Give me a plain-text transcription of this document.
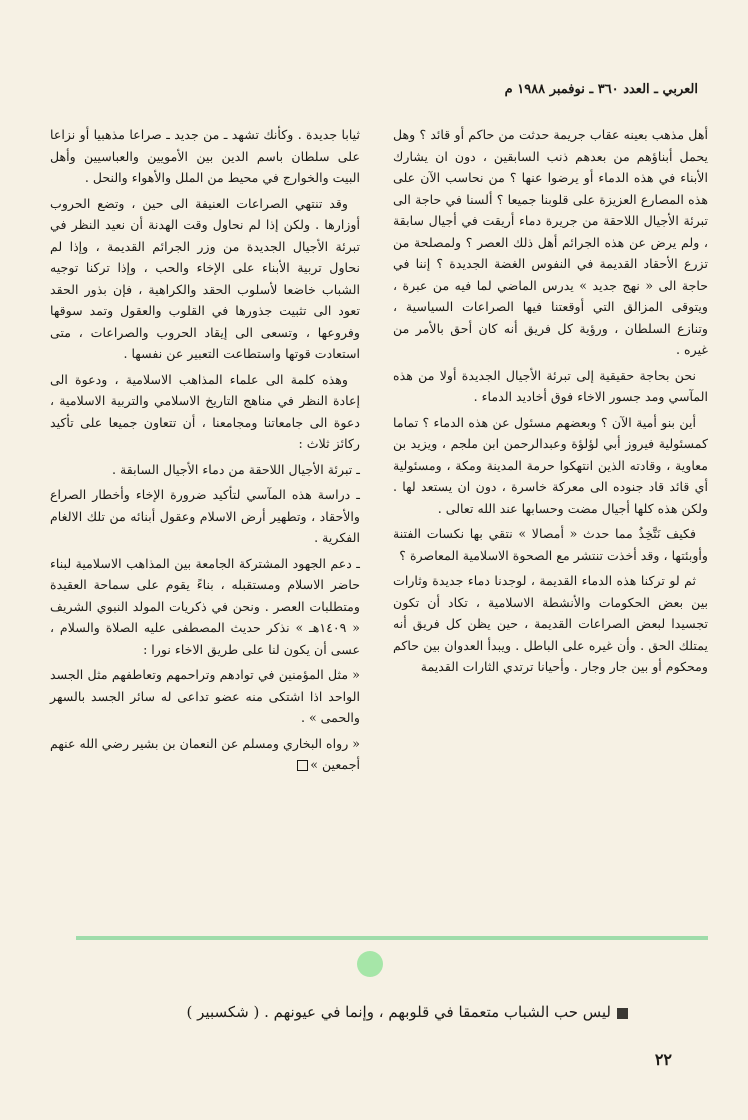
العربي ـ العدد ٣٦٠ ـ نوفمبر ١٩٨٨ م

أهل مذهب بعينه عقاب جريمة حدثت من حاكم أو قائد ؟ وهل يحمل أبناؤهم من بعدهم ذنب السابقين ، دون ان يشارك الأبناء في هذه الدماء أو يرضوا عنها ؟ من نحاسب الآن على هذه المصارع العزيزة على قلوبنا جميعا ؟ ألسنا في حاجة الى تبرئة الأجيال اللاحقة من جريرة دماء أريقت في أجيال سابقة ، ولم يرض عن هذه الجرائم أهل ذلك العصر ؟ ولمصلحة من تزرع الأحقاد القديمة في النفوس الغضة الجديدة ؟ إننا في حاجة الى « نهج جديد » يدرس الماضي لما فيه من عبرة ، ويتوقى المزالق التي أوقعتنا فيها الصراعات السياسية ، وتنازع السلطان ، ورؤية كل فريق أنه كان أحق بالأمر من غيره .

نحن بحاجة حقيقية إلى تبرئة الأجيال الجديدة أولا من هذه المآسي ومد جسور الاخاء فوق أخاديد الدماء .

أين بنو أمية الآن ؟ وبعضهم مسئول عن هذه الدماء ؟ تماما كمسئولية فيروز أبي لؤلؤة وعبدالرحمن ابن ملجم ، ويزيد بن معاوية ، وقادته الذين انتهكوا حرمة المدينة ومكة ، ومسئولية أي قائد قاد جنوده الى معركة خاسرة ، دون ان يستعد لها . ولكن هذه كلها أجيال مضت وحسابها عند الله تعالى .

فكيف نَتَّخِذُ مما حدث « أمصالا » نتقي بها نكسات الفتنة وأوبئتها ، وقد أخذت تنتشر مع الصحوة الاسلامية المعاصرة ؟

ثم لو تركنا هذه الدماء القديمة ، لوجدنا دماء جديدة وثارات بين بعض الحكومات والأنشطة الاسلامية ، تكاد أن تكون تجسيدا لبعض الصراعات القديمة ، حين يظن كل فريق أنه يمتلك الحق . وأن غيره على الباطل . ويبدأ العدوان بين حاكم ومحكوم أو بين جار وجار . وأحيانا ترتدي الثارات القديمة

ثيابا جديدة . وكأنك تشهد ـ من جديد ـ صراعا مذهبيا أو نزاعا على سلطان باسم الدين بين الأمويين والعباسيين وأهل البيت والخوارج في محيط من الملل والأهواء والنحل .

وقد تنتهي الصراعات العنيفة الى حين ، وتضع الحروب أوزارها . ولكن إذا لم نحاول وقت الهدنة أن نعيد النظر في تبرئة الأجيال الجديدة من وزر الجرائم القديمة ، وإذا لم نحاول تربية الأبناء على الإخاء والحب ، وإذا تركنا توجيه الشباب خاضعا لأسلوب الحقد والكراهية ، فإن بذور الحقد تعود الى تثبيت جذورها في القلوب والعقول وتمد سوقها وفروعها ، وتسعى الى إيقاد الحروب والصراعات ، متى استعادت قوتها واستطاعت التعبير عن نفسها .

وهذه كلمة الى علماء المذاهب الاسلامية ، ودعوة الى إعادة النظر في مناهج التاريخ الاسلامي والتربية الاسلامية ، دعوة الى جامعاتنا ومجامعنا ، أن تتعاون جميعا على تأكيد ركائز ثلاث :

ـ تبرئة الأجيال اللاحقة من دماء الأجيال السابقة .

ـ دراسة هذه المآسي لتأكيد ضرورة الإخاء وأخطار الصراع والأحقاد ، وتطهير أرض الاسلام وعقول أبنائه من تلك الالغام الفكرية .

ـ دعم الجهود المشتركة الجامعة بين المذاهب الاسلامية لبناء حاضر الاسلام ومستقبله ، بناءً يقوم على سماحة العقيدة ومتطلبات العصر . ونحن في ذكريات المولد النبوي الشريف « ١٤٠٩هـ » نذكر حديث المصطفى عليه الصلاة والسلام ، عسى أن يكون لنا على طريق الاخاء نورا :

« مثل المؤمنين في توادهم وتراحمهم وتعاطفهم مثل الجسد الواحد اذا اشتكى منه عضو تداعى له سائر الجسد بالسهر والحمى » .

« رواه البخاري ومسلم عن النعمان بن بشير رضي الله عنهم أجمعين »

ليس حب الشباب متعمقا في قلوبهم ، وإنما في عيونهم . ( شكسبير )
٢٢
